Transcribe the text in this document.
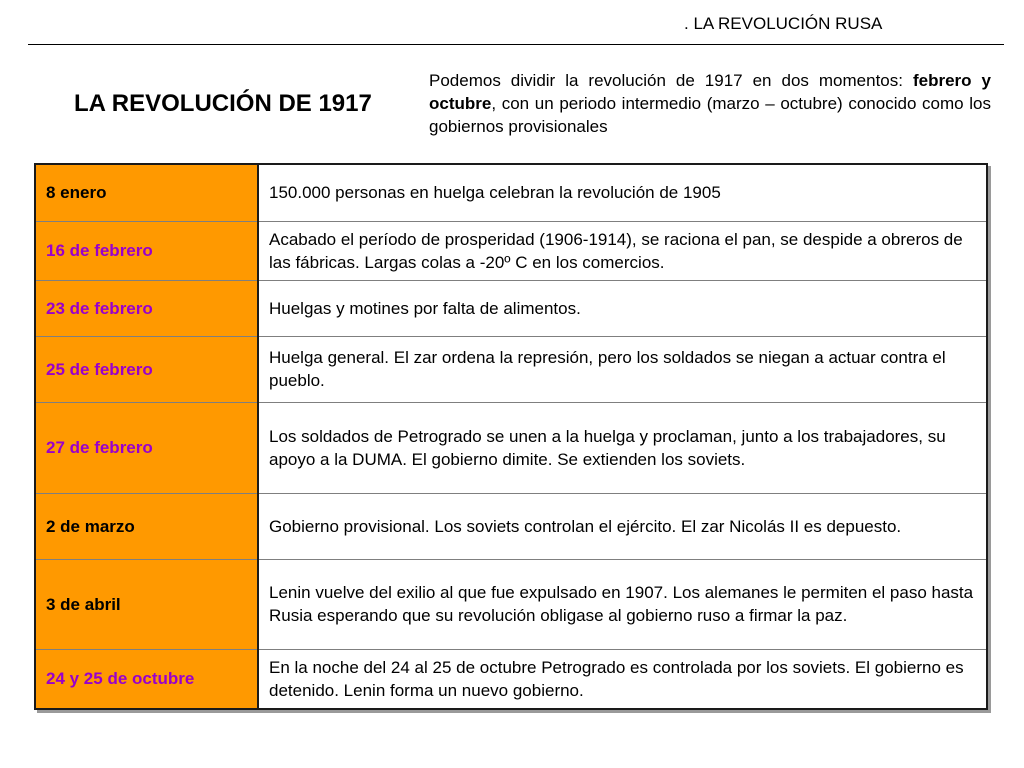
. LA REVOLUCIÓN RUSA
LA REVOLUCIÓN DE 1917
Podemos dividir la revolución de 1917 en dos momentos: febrero y octubre, con un periodo intermedio (marzo – octubre) conocido como los gobiernos provisionales
8 enero	150.000 personas en huelga celebran la revolución de 1905
16 de febrero	Acabado el período de prosperidad (1906-1914), se raciona el pan, se despide a obreros de las fábricas. Largas colas a -20º C en los comercios.
23 de febrero	Huelgas y motines por falta de alimentos.
25 de febrero	Huelga general. El zar ordena la represión, pero los soldados se niegan a actuar contra el pueblo.
27 de febrero	Los soldados de Petrogrado se unen a la huelga y proclaman, junto a los trabajadores, su apoyo a la DUMA. El gobierno dimite. Se extienden los soviets.
2 de marzo	Gobierno provisional. Los soviets controlan el ejército. El zar Nicolás II es depuesto.
3 de abril	Lenin vuelve del exilio al que fue expulsado en 1907. Los alemanes le permiten el paso hasta Rusia esperando que su revolución obligase al gobierno ruso a firmar la paz.
24 y 25 de octubre	En la noche del 24 al 25 de octubre Petrogrado es controlada por los soviets. El gobierno es detenido. Lenin forma un nuevo gobierno.
